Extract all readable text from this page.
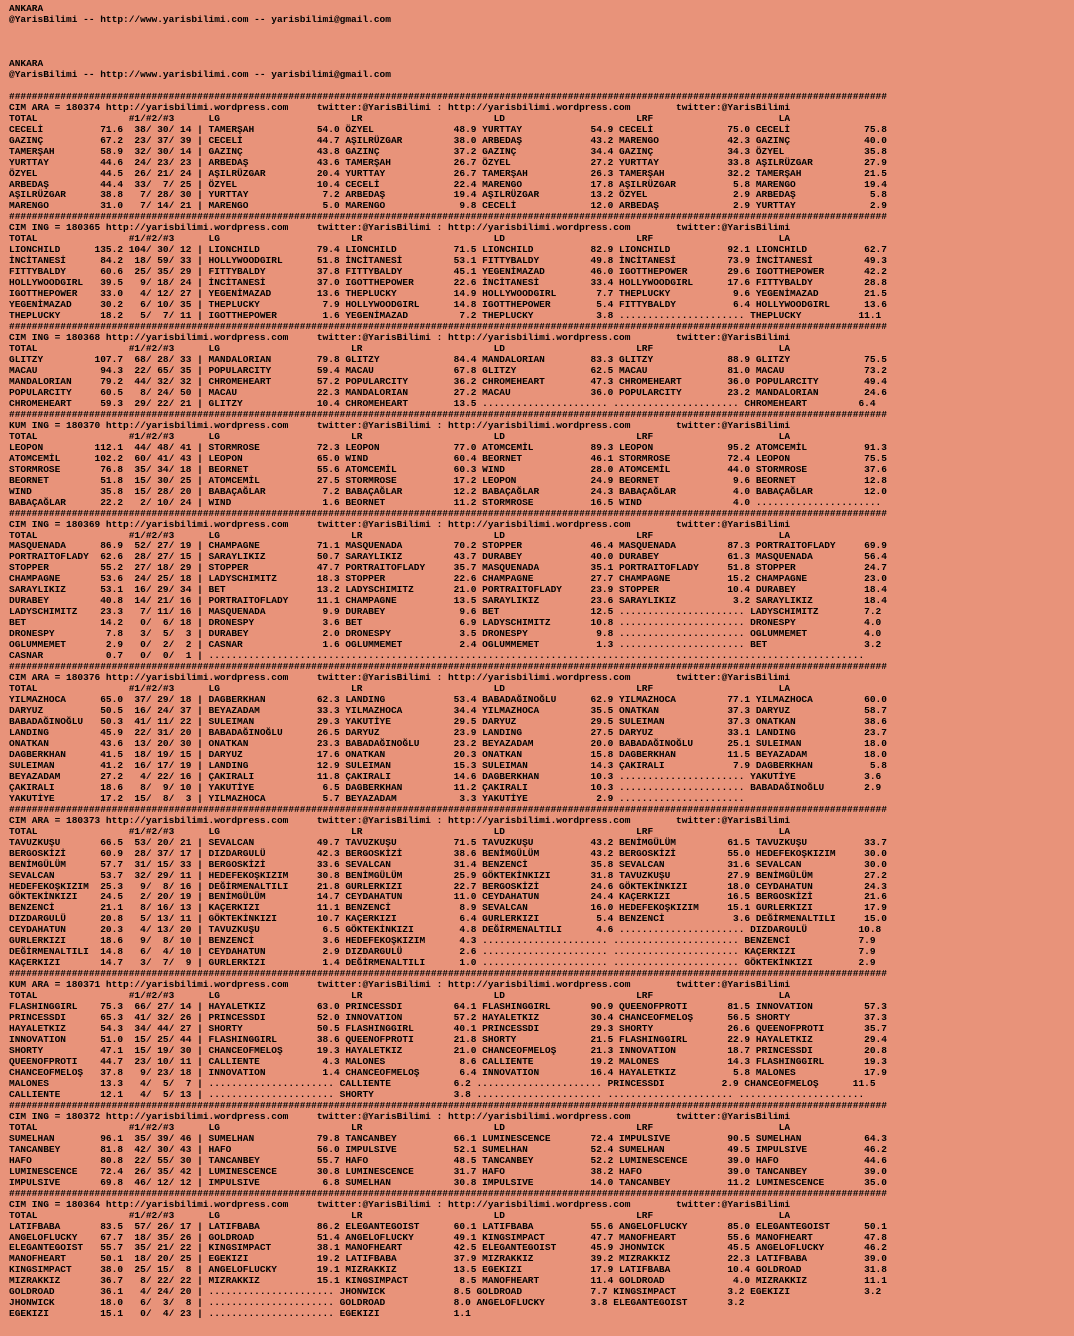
ANKARA
@YarisBilimi -- http://www.yarisbilimi.com -- yarisbilimi@gmail.com

ANKARA
@YarisBilimi -- http://www.yarisbilimi.com -- yarisbilimi@gmail.com

##########################################################################################################################################################
CIM ARA = 180374 http://yarisbilimi.wordpress.com     twitter:@YarisBilimi : http://yarisbilimi.wordpress.com        twitter:@YarisBilimi
TOTAL                #1/#2/#3      LG                       LR                       LD                       LRF                      LA
CECELİ          71.6  38/ 30/ 14 | TAMERŞAH           54.0 ÖZYEL              48.9 YURTTAY            54.9 CECELİ             75.0 CECELİ             75.8
GAZINÇ          67.2  23/ 37/ 39 | CECELİ             44.7 AŞILRÜZGAR         38.0 ARBEDAŞ            43.2 MARENGO            42.3 GAZINÇ             40.0
TAMERŞAH        58.9  32/ 30/ 14 | GAZINÇ             43.8 GAZINÇ             37.2 GAZINÇ             34.4 GAZINÇ             34.3 ÖZYEL              35.8
YURTTAY         44.6  24/ 23/ 23 | ARBEDAŞ            43.6 TAMERŞAH           26.7 ÖZYEL              27.2 YURTTAY            33.8 AŞILRÜZGAR         27.9
ÖZYEL           44.5  26/ 21/ 24 | AŞILRÜZGAR         20.4 YURTTAY            26.7 TAMERŞAH           26.3 TAMERŞAH           32.2 TAMERŞAH           21.5
ARBEDAŞ         44.4  33/  7/ 25 | ÖZYEL              10.4 CECELİ             22.4 MARENGO            17.8 AŞILRÜZGAR          5.8 MARENGO            19.4
AŞILRÜZGAR      38.8   7/ 28/ 30 | YURTTAY             7.2 ARBEDAŞ            19.4 AŞILRÜZGAR         13.2 ÖZYEL               2.9 ARBEDAŞ             5.8
MARENGO         31.0   7/ 14/ 21 | MARENGO             5.0 MARENGO             9.8 CECELİ             12.0 ARBEDAŞ             2.9 YURTTAY             2.9
##########################################################################################################################################################
CIM ING = 180365 http://yarisbilimi.wordpress.com     twitter:@YarisBilimi : http://yarisbilimi.wordpress.com        twitter:@YarisBilimi
TOTAL                #1/#2/#3      LG                       LR                       LD                       LRF                      LA
LIONCHILD      135.2 104/ 30/ 12 | LIONCHILD          79.4 LIONCHILD          71.5 LIONCHILD          82.9 LIONCHILD          92.1 LIONCHILD          62.7
İNCİTANESİ      84.2  18/ 59/ 33 | HOLLYWOODGIRL      51.8 İNCİTANESİ         53.1 FITTYBALDY         49.8 İNCİTANESİ         73.9 İNCİTANESİ         49.3
FITTYBALDY      60.6  25/ 35/ 29 | FITTYBALDY         37.8 FITTYBALDY         45.1 YEGENİMAZAD        46.0 IGOTTHEPOWER       29.6 IGOTTHEPOWER       42.2
HOLLYWOODGIRL   39.5   9/ 18/ 24 | İNCİTANESİ         37.0 IGOTTHEPOWER       22.6 İNCİTANESİ         33.4 HOLLYWOODGIRL      17.6 FITTYBALDY         28.8
IGOTTHEPOWER    33.0   4/ 12/ 27 | YEGENİMAZAD        13.6 THEPLUCKY          14.9 HOLLYWOODGIRL       7.7 THEPLUCKY           9.6 YEGENİMAZAD        21.5
YEGENİMAZAD     30.2   6/ 10/ 35 | THEPLUCKY           7.9 HOLLYWOODGIRL      14.8 IGOTTHEPOWER        5.4 FITTYBALDY          6.4 HOLLYWOODGIRL      13.6
THEPLUCKY       18.2   5/  7/ 11 | IGOTTHEPOWER        1.6 YEGENİMAZAD         7.2 THEPLUCKY           3.8 ...................... THEPLUCKY          11.1
##########################################################################################################################################################
CIM ING = 180368 http://yarisbilimi.wordpress.com     twitter:@YarisBilimi : http://yarisbilimi.wordpress.com        twitter:@YarisBilimi
TOTAL                #1/#2/#3      LG                       LR                       LD                       LRF                      LA
GLITZY         107.7  68/ 28/ 33 | MANDALORIAN        79.8 GLITZY             84.4 MANDALORIAN        83.3 GLITZY             88.9 GLITZY             75.5
MACAU           94.3  22/ 65/ 35 | POPULARCITY        59.4 MACAU              67.8 GLITZY             62.5 MACAU              81.0 MACAU              73.2
MANDALORIAN     79.2  44/ 32/ 32 | CHROMEHEART        57.2 POPULARCITY        36.2 CHROMEHEART        47.3 CHROMEHEART        36.0 POPULARCITY        49.4
POPULARCITY     60.5   8/ 24/ 50 | MACAU              22.3 MANDALORIAN        27.2 MACAU              36.0 POPULARCITY        23.2 MANDALORIAN        24.6
CHROMEHEART     59.3  29/ 22/ 21 | GLITZY             10.4 CHROMEHEART        13.5 ...................... ...................... CHROMEHEART         6.4
##########################################################################################################################################################
KUM ING = 180370 http://yarisbilimi.wordpress.com     twitter:@YarisBilimi : http://yarisbilimi.wordpress.com        twitter:@YarisBilimi
TOTAL                #1/#2/#3      LG                       LR                       LD                       LRF                      LA
LEOPON         112.1  44/ 48/ 41 | STORMROSE          72.3 LEOPON             77.0 ATOMCEMİL          89.3 LEOPON             95.2 ATOMCEMİL          91.3
ATOMCEMİL      102.2  60/ 41/ 43 | LEOPON             65.0 WIND               60.4 BEORNET            46.1 STORMROSE          72.4 LEOPON             75.5
STORMROSE       76.8  35/ 34/ 18 | BEORNET            55.6 ATOMCEMİL          60.3 WIND               28.0 ATOMCEMİL          44.0 STORMROSE          37.6
BEORNET         51.8  15/ 30/ 25 | ATOMCEMİL          27.5 STORMROSE          17.2 LEOPON             24.9 BEORNET             9.6 BEORNET            12.8
WIND            35.8  15/ 28/ 20 | BABAÇAĞLAR          7.2 BABAÇAĞLAR         12.2 BABAÇAĞLAR         24.3 BABAÇAĞLAR          4.0 BABAÇAĞLAR         12.0
BABAÇAĞLAR      22.2   2/ 10/ 24 | WIND                1.6 BEORNET            11.2 STORMROSE          16.5 WIND                4.0 ......................
##########################################################################################################################################################
CIM ING = 180369 http://yarisbilimi.wordpress.com     twitter:@YarisBilimi : http://yarisbilimi.wordpress.com        twitter:@YarisBilimi
TOTAL                #1/#2/#3      LG                       LR                       LD                       LRF                      LA
MASQUENADA      86.9  52/ 27/ 19 | CHAMPAGNE          71.1 MASQUENADA         70.2 STOPPER            46.4 MASQUENADA         87.3 PORTRAITOFLADY     69.9
PORTRAITOFLADY  62.6  28/ 27/ 15 | SARAYLIKIZ         50.7 SARAYLIKIZ         43.7 DURABEY            40.0 DURABEY            61.3 MASQUENADA         56.4
STOPPER         55.2  27/ 18/ 29 | STOPPER            47.7 PORTRAITOFLADY     35.7 MASQUENADA         35.1 PORTRAITOFLADY     51.8 STOPPER            24.7
CHAMPAGNE       53.6  24/ 25/ 18 | LADYSCHIMITZ       18.3 STOPPER            22.6 CHAMPAGNE          27.7 CHAMPAGNE          15.2 CHAMPAGNE          23.0
SARAYLIKIZ      53.1  16/ 29/ 34 | BET                13.2 LADYSCHIMITZ       21.0 PORTRAITOFLADY     23.9 STOPPER            10.4 DURABEY            18.4
DURABEY         40.8  14/ 21/ 16 | PORTRAITOFLADY     11.1 CHAMPAGNE          13.5 SARAYLIKIZ         23.6 SARAYLIKIZ          3.2 SARAYLIKIZ         18.4
LADYSCHIMITZ    23.3   7/ 11/ 16 | MASQUENADA          9.9 DURABEY             9.6 BET                12.5 ...................... LADYSCHIMITZ        7.2
BET             14.2   0/  6/ 18 | DRONESPY            3.6 BET                 6.9 LADYSCHIMITZ       10.8 ...................... DRONESPY            4.0
DRONESPY         7.8   3/  5/  3 | DURABEY             2.0 DRONESPY            3.5 DRONESPY            9.8 ...................... OGLUMMEMET          4.0
OGLUMMEMET       2.9   0/  2/  2 | CASNAR              1.6 OGLUMMEMET          2.4 OGLUMMEMET          1.3 ...................... BET                 3.2
CASNAR           0.7   0/  0/  1 | ...................................................................................................................
##########################################################################################################################################################
CIM ARA = 180376 http://yarisbilimi.wordpress.com     twitter:@YarisBilimi : http://yarisbilimi.wordpress.com        twitter:@YarisBilimi
TOTAL                #1/#2/#3      LG                       LR                       LD                       LRF                      LA
YILMAZHOCA      65.0  37/ 29/ 18 | DAGBERKHAN         62.3 LANDING            53.4 BABADAĞINOĞLU      62.9 YILMAZHOCA         77.1 YILMAZHOCA         60.0
DARYUZ          50.5  16/ 24/ 37 | BEYAZADAM          33.3 YILMAZHOCA         34.4 YILMAZHOCA         35.5 ONATKAN            37.3 DARYUZ             58.7
BABADAĞINOĞLU   50.3  41/ 11/ 22 | SULEIMAN           29.3 YAKUTİYE           29.5 DARYUZ             29.5 SULEIMAN           37.3 ONATKAN            38.6
LANDING         45.9  22/ 31/ 20 | BABADAĞINOĞLU      26.5 DARYUZ             23.9 LANDING            27.5 DARYUZ             33.1 LANDING            23.7
ONATKAN         43.6  13/ 20/ 30 | ONATKAN            23.3 BABADAĞINOĞLU      23.2 BEYAZADAM          20.0 BABADAĞINOĞLU      25.1 SULEIMAN           18.0
DAGBERKHAN      41.5  18/ 19/ 15 | DARYUZ             17.6 ONATKAN            20.3 ONATKAN            15.8 DAGBERKHAN         11.5 BEYAZADAM          18.0
SULEIMAN        41.2  16/ 17/ 19 | LANDING            12.9 SULEIMAN           15.3 SULEIMAN           14.3 ÇAKIRALI            7.9 DAGBERKHAN          5.8
BEYAZADAM       27.2   4/ 22/ 16 | ÇAKIRALI           11.8 ÇAKIRALI           14.6 DAGBERKHAN         10.3 ...................... YAKUTİYE            3.6
ÇAKIRALI        18.6   8/  9/ 10 | YAKUTİYE            6.5 DAGBERKHAN         11.2 ÇAKIRALI           10.3 ...................... BABADAĞINOĞLU       2.9
YAKUTİYE        17.2  15/  8/  3 | YILMAZHOCA          5.7 BEYAZADAM           3.3 YAKUTİYE            2.9 ......................
##########################################################################################################################################################
CIM ARA = 180373 http://yarisbilimi.wordpress.com     twitter:@YarisBilimi : http://yarisbilimi.wordpress.com        twitter:@YarisBilimi
TOTAL                #1/#2/#3      LG                       LR                       LD                       LRF                      LA
TAVUZKUŞU       66.5  53/ 20/ 21 | SEVALCAN           49.7 TAVUZKUŞU          71.5 TAVUZKUŞU          43.2 BENİMGÜLÜM         61.5 TAVUZKUŞU          33.7
BERGOSKİZİ      60.9  28/ 37/ 17 | DIZDARGULÜ         42.3 BERGOSKİZİ         38.6 BENİMGÜLÜM         43.2 BERGOSKİZİ         55.0 HEDEFEKOŞKIZIM     30.0
BENİMGÜLÜM      57.7  31/ 15/ 33 | BERGOSKİZİ         33.6 SEVALCAN           31.4 BENZENCİ           35.8 SEVALCAN           31.6 SEVALCAN           30.0
SEVALCAN        53.7  32/ 29/ 11 | HEDEFEKOŞKIZIM     30.8 BENİMGÜLÜM         25.9 GÖKTEKİNKIZI       31.8 TAVUZKUŞU          27.9 BENİMGÜLÜM         27.2
HEDEFEKOŞKIZIM  25.3   9/  8/ 16 | DEĞİRMENALTILI     21.8 GURLERKIZI         22.7 BERGOSKİZİ         24.6 GÖKTEKİNKIZI       18.0 CEYDAHATUN         24.3
GÖKTEKİNKIZI    24.5   2/ 20/ 19 | BENİMGÜLÜM         14.7 CEYDAHATUN         11.0 CEYDAHATUN         24.4 KAÇERKIZI          16.5 BERGOSKİZİ         21.6
BENZENCİ        21.1   8/ 16/ 13 | KAÇERKIZI          11.1 BENZENCİ            8.9 SEVALCAN           16.0 HEDEFEKOŞKIZIM     15.1 GURLERKIZI         17.9
DIZDARGULÜ      20.8   5/ 13/ 11 | GÖKTEKİNKIZI       10.7 KAÇERKIZI           6.4 GURLERKIZI          5.4 BENZENCİ            3.6 DEĞİRMENALTILI     15.0
CEYDAHATUN      20.3   4/ 13/ 20 | TAVUZKUŞU           6.5 GÖKTEKİNKIZI        4.8 DEĞİRMENALTILI      4.6 ...................... DIZDARGULÜ         10.8
GURLERKIZI      18.6   9/  8/ 10 | BENZENCİ            3.6 HEDEFEKOŞKIZIM      4.3 ...................... ...................... BENZENCİ            7.9
DEĞİRMENALTILI  14.8   6/  4/ 10 | CEYDAHATUN          2.9 DIZDARGULÜ          2.6 ...................... ...................... KAÇERKIZI           7.9
KAÇERKIZI       14.7   3/  7/  9 | GURLERKIZI          1.4 DEĞİRMENALTILI      1.0 ...................... ...................... GÖKTEKİNKIZI        2.9
##########################################################################################################################################################
KUM ARA = 180371 http://yarisbilimi.wordpress.com     twitter:@YarisBilimi : http://yarisbilimi.wordpress.com        twitter:@YarisBilimi
TOTAL                #1/#2/#3      LG                       LR                       LD                       LRF                      LA
FLASHINGGIRL    75.3  66/ 27/ 14 | HAYALETKIZ         63.0 PRINCESSDI         64.1 FLASHINGGIRL       90.9 QUEENOFPROTI       81.5 INNOVATION         57.3
PRINCESSDI      65.3  41/ 32/ 26 | PRINCESSDI         52.0 INNOVATION         57.2 HAYALETKIZ         30.4 CHANCEOFMELOŞ      56.5 SHORTY             37.3
HAYALETKIZ      54.3  34/ 44/ 27 | SHORTY             50.5 FLASHINGGIRL       40.1 PRINCESSDI         29.3 SHORTY             26.6 QUEENOFPROTI       35.7
INNOVATION      51.0  15/ 25/ 44 | FLASHINGGIRL       38.6 QUEENOFPROTI       21.8 SHORTY             21.5 FLASHINGGIRL       22.9 HAYALETKIZ         29.4
SHORTY          47.1  15/ 19/ 30 | CHANCEOFMELOŞ      19.3 HAYALETKIZ         21.0 CHANCEOFMELOŞ      21.3 INNOVATION         18.7 PRINCESSDI         20.8
QUEENOFPROTI    44.7  23/ 10/ 11 | CALLIENTE           4.3 MALONES             8.6 CALLIENTE          19.2 MALONES            14.3 FLASHINGGIRL       19.3
CHANCEOFMELOŞ   37.8   9/ 23/ 18 | INNOVATION          1.4 CHANCEOFMELOŞ       6.4 INNOVATION         16.4 HAYALETKIZ          5.8 MALONES            17.9
MALONES         13.3   4/  5/  7 | ...................... CALLIENTE           6.2 ...................... PRINCESSDI          2.9 CHANCEOFMELOŞ      11.5
CALLIENTE       12.1   4/  5/ 13 | ...................... SHORTY              3.8 ...................... ...................... ......................
##########################################################################################################################################################
CIM ING = 180372 http://yarisbilimi.wordpress.com     twitter:@YarisBilimi : http://yarisbilimi.wordpress.com        twitter:@YarisBilimi
TOTAL                #1/#2/#3      LG                       LR                       LD                       LRF                      LA
SUMELHAN        96.1  35/ 39/ 46 | SUMELHAN           79.8 TANCANBEY          66.1 LUMINESCENCE       72.4 IMPULSIVE          90.5 SUMELHAN           64.3
TANCANBEY       81.8  42/ 30/ 43 | HAFO               56.0 IMPULSIVE          52.1 SUMELHAN           52.4 SUMELHAN           49.5 IMPULSIVE          46.2
HAFO            80.8  22/ 55/ 30 | TANCANBEY          55.7 HAFO               48.5 TANCANBEY          52.2 LUMINESCENCE       39.0 HAFO               44.6
LUMINESCENCE    72.4  26/ 35/ 42 | LUMINESCENCE       30.8 LUMINESCENCE       31.7 HAFO               38.2 HAFO               39.0 TANCANBEY          39.0
IMPULSIVE       69.8  46/ 12/ 12 | IMPULSIVE           6.8 SUMELHAN           30.8 IMPULSIVE          14.0 TANCANBEY          11.2 LUMINESCENCE       35.0
##########################################################################################################################################################
CIM ING = 180364 http://yarisbilimi.wordpress.com     twitter:@YarisBilimi : http://yarisbilimi.wordpress.com        twitter:@YarisBilimi
TOTAL                #1/#2/#3      LG                       LR                       LD                       LRF                      LA
LATIFBABA       83.5  57/ 26/ 17 | LATIFBABA          86.2 ELEGANTEGOIST      60.1 LATIFBABA          55.6 ANGELOFLUCKY       85.0 ELEGANTEGOIST      50.1
ANGELOFLUCKY    67.7  18/ 35/ 26 | GOLDROAD           51.4 ANGELOFLUCKY       49.1 KINGSIMPACT        47.7 MANOFHEART         55.6 MANOFHEART         47.8
ELEGANTEGOIST   55.7  35/ 21/ 22 | KINGSIMPACT        38.1 MANOFHEART         42.5 ELEGANTEGOIST      45.9 JHONWICK           45.5 ANGELOFLUCKY       46.2
MANOFHEART      50.1  18/ 20/ 25 | EGEKIZI            19.2 LATIFBABA          37.9 MIZRAKKIZ          39.2 MIZRAKKIZ          22.3 LATIFBABA          39.0
KINGSIMPACT     38.0  25/ 15/  8 | ANGELOFLUCKY       19.1 MIZRAKKIZ          13.5 EGEKIZI            17.9 LATIFBABA          10.4 GOLDROAD           31.8
MIZRAKKIZ       36.7   8/ 22/ 22 | MIZRAKKIZ          15.1 KINGSIMPACT         8.5 MANOFHEART         11.4 GOLDROAD            4.0 MIZRAKKIZ          11.1
GOLDROAD        36.1   4/ 24/ 20 | ...................... JHONWICK            8.5 GOLDROAD            7.7 KINGSIMPACT         3.2 EGEKIZI             3.2
JHONWICK        18.0   6/  3/  8 | ...................... GOLDROAD            8.0 ANGELOFLUCKY        3.8 ELEGANTEGOIST       3.2
EGEKIZI         15.1   0/  4/ 23 | ...................... EGEKIZI             1.1
